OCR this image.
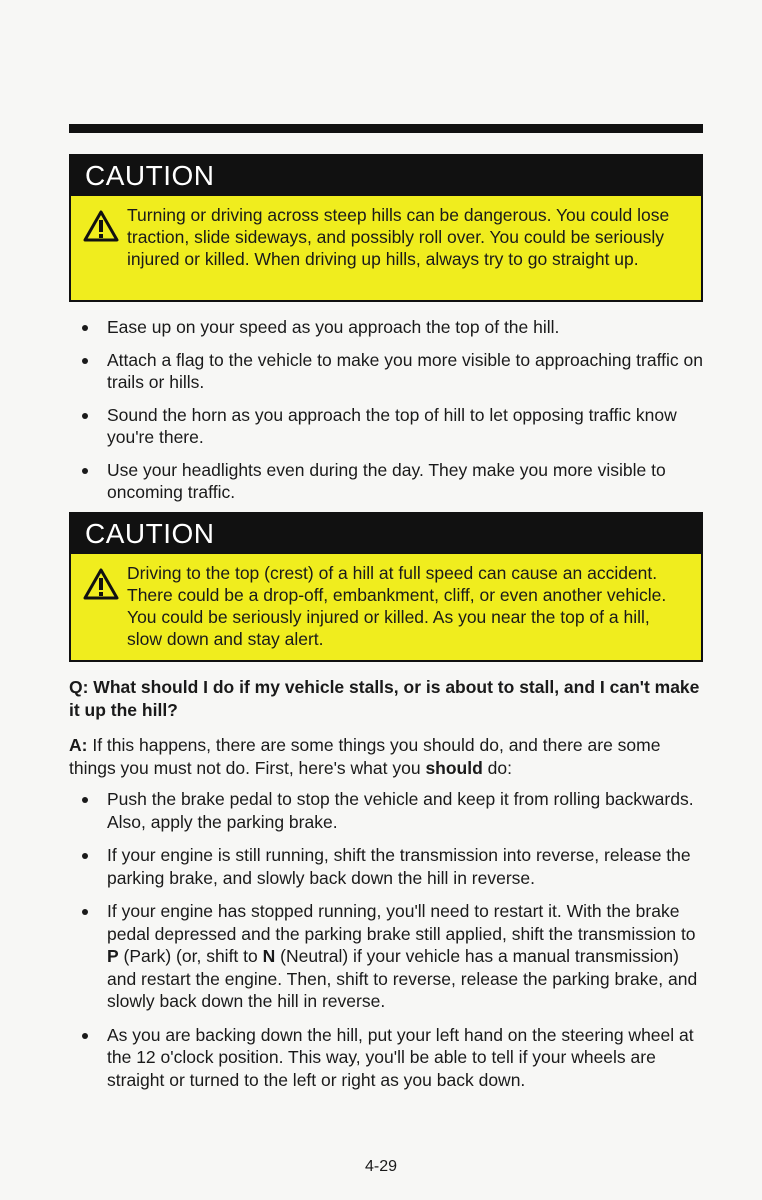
CAUTION
Turning or driving across steep hills can be dangerous. You could lose traction, slide sideways, and possibly roll over. You could be seriously injured or killed. When driving up hills, always try to go straight up.
Ease up on your speed as you approach the top of the hill.
Attach a flag to the vehicle to make you more visible to approaching traffic on trails or hills.
Sound the horn as you approach the top of hill to let opposing traffic know you're there.
Use your headlights even during the day. They make you more visible to oncoming traffic.
CAUTION
Driving to the top (crest) of a hill at full speed can cause an accident. There could be a drop-off, embankment, cliff, or even another vehicle. You could be seriously injured or killed. As you near the top of a hill, slow down and stay alert.

Q: What should I do if my vehicle stalls, or is about to stall, and I can't make it up the hill?

A: If this happens, there are some things you should do, and there are some things you must not do. First, here's what you should do:

Push the brake pedal to stop the vehicle and keep it from rolling backwards. Also, apply the parking brake.
If your engine is still running, shift the transmission into reverse, release the parking brake, and slowly back down the hill in reverse.
If your engine has stopped running, you'll need to restart it. With the brake pedal depressed and the parking brake still applied, shift the transmission to P (Park) (or, shift to N (Neutral) if your vehicle has a manual transmission) and restart the engine. Then, shift to reverse, release the parking brake, and slowly back down the hill in reverse.
As you are backing down the hill, put your left hand on the steering wheel at the 12 o'clock position. This way, you'll be able to tell if your wheels are straight or turned to the left or right as you back down.
4-29
